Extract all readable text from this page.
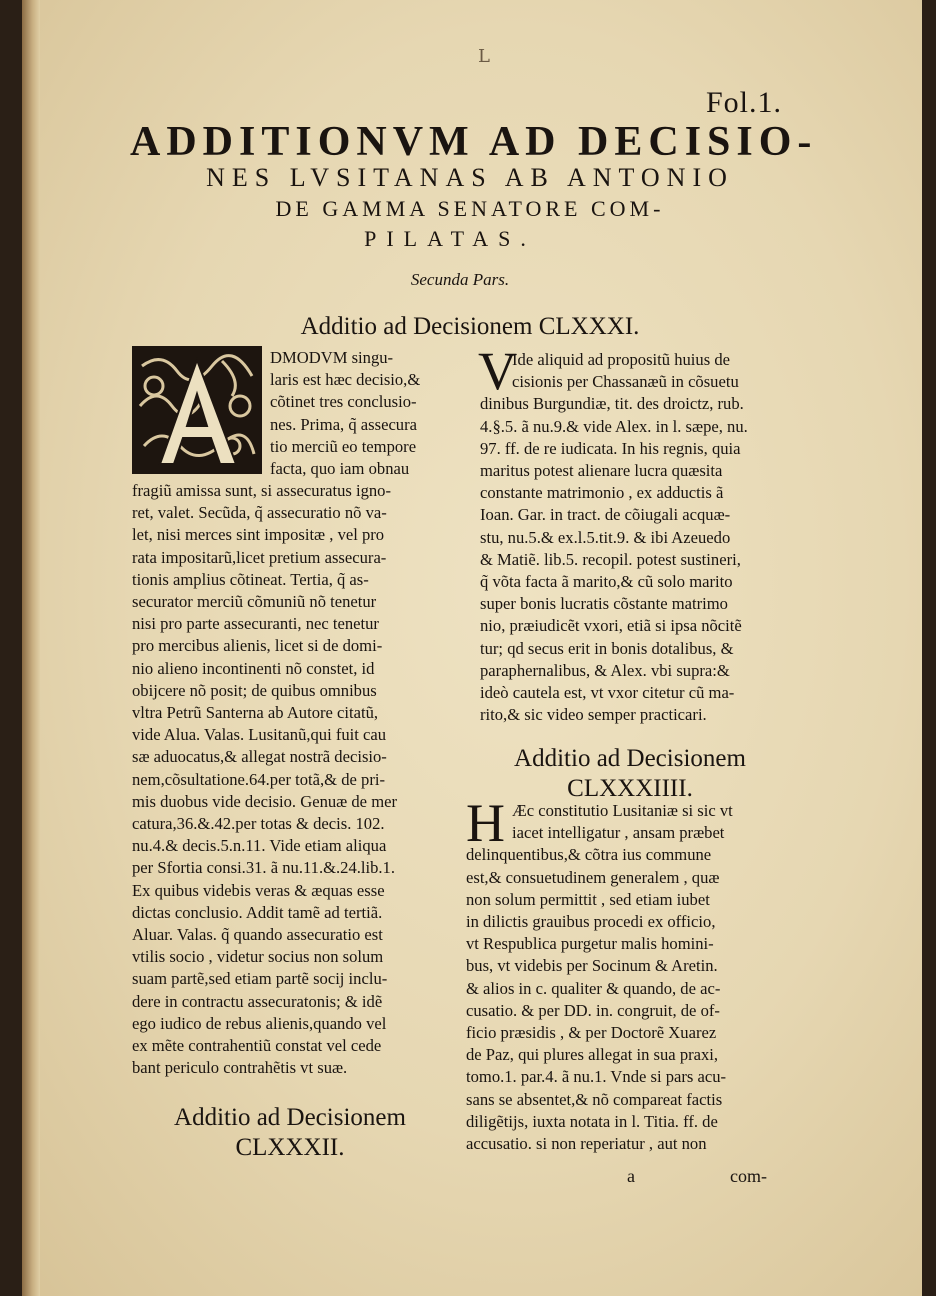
L
Fol.1.
ADDITIONVM AD DECISIO-
NES LVSITANAS AB ANTONIO
DE GAMMA SENATORE COM-
PILATAS.
Secunda Pars.
Additio ad Decisionem CLXXXI.
DMODVM singu-
laris est hæc decisio,&
cõtinet tres conclusio-
nes. Prima, q̃ assecura
tio merciũ eo tempore
facta, quo iam obnau
fragiũ amissa sunt, si assecuratus igno-
ret, valet. Secũda, q̃ assecuratio nõ va-
let, nisi merces sint impositæ , vel pro
rata impositarũ,licet pretium assecura-
tionis amplius cõtineat. Tertia, q̃ as-
securator merciũ cõmuniũ nõ tenetur
nisi pro parte assecuranti, nec tenetur
pro mercibus alienis, licet si de domi-
nio alieno incontinenti nõ constet, id
obijcere nõ posit; de quibus omnibus
vltra Petrũ Santerna ab Autore citatũ,
vide Alua. Valas. Lusitanũ,qui fuit cau
sæ aduocatus,& allegat nostrã decisio-
nem,cõsultatione.64.per totã,& de pri-
mis duobus vide decisio. Genuæ de mer
catura,36.&.42.per totas & decis. 102.
nu.4.& decis.5.n.11. Vide etiam aliqua
per Sfortia consi.31. ã nu.11.&.24.lib.1.
Ex quibus videbis veras & æquas esse
dictas conclusio. Addit tamẽ ad tertiã.
Aluar. Valas. q̃ quando assecuratio est
vtilis socio , videtur socius non solum
suam partẽ,sed etiam partẽ socij inclu-
dere in contractu assecuratonis; & idẽ
ego iudico de rebus alienis,quando vel
ex mẽte contrahentiũ constat vel cede
bant periculo contrahẽtis vt suæ.
Additio ad Decisionem
CLXXXII.
V
Ide aliquid ad propositũ huius de
cisionis per Chassanæũ in cõsuetu
dinibus Burgundiæ, tit. des droictz, rub.
4.§.5. ã nu.9.& vide Alex. in l. sæpe, nu.
97. ff. de re iudicata. In his regnis, quia
maritus potest alienare lucra quæsita
constante matrimonio , ex adductis ã
Ioan. Gar. in tract. de cõiugali acquæ-
stu, nu.5.& ex.l.5.tit.9. & ibi Azeuedo
& Matiẽ. lib.5. recopil. potest sustineri,
q̃ võta facta ã marito,& cũ solo marito
super bonis lucratis cõstante matrimo
nio, præiudicẽt vxori, etiã si ipsa nõcitẽ
tur; qd secus erit in bonis dotalibus, &
paraphernalibus, & Alex. vbi supra:&
ideò cautela est, vt vxor citetur cũ ma-
rito,& sic video semper practicari.
Additio ad Decisionem
CLXXXIIII.
H Æc constitutio Lusitaniæ si sic vt
iacet intelligatur , ansam præbet
delinquentibus,& cõtra ius commune
est,& consuetudinem generalem , quæ
non solum permittit , sed etiam iubet
in dilictis grauibus procedi ex officio,
vt Respublica purgetur malis homini-
bus, vt videbis per Socinum & Aretin.
& alios in c. qualiter & quando, de ac-
cusatio. & per DD. in. congruit, de of-
ficio præsidis , & per Doctorẽ Xuarez
de Paz, qui plures allegat in sua praxi,
tomo.1. par.4. ã nu.1. Vnde si pars acu-
sans se absentet,& nõ compareat factis
diligẽtijs, iuxta notata in l. Titia. ff. de
accusatio. si non reperiatur , aut non
a	com-
